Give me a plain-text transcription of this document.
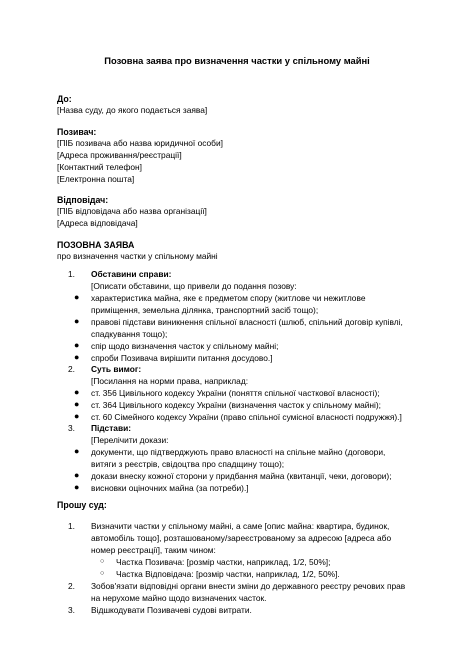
Позовна заява про визначення частки у спільному майні
До:
[Назва суду, до якого подається заява]
Позивач:
[ПІБ позивача або назва юридичної особи]
[Адреса проживання/реєстрації]
[Контактний телефон]
[Електронна пошта]
Відповідач:
[ПІБ відповідача або назва організації]
[Адреса відповідача]
ПОЗОВНА ЗАЯВА
про визначення частки у спільному майні
1. Обставини справи:
[Описати обставини, що привели до подання позову:
● характеристика майна, яке є предметом спору (житлове чи нежитлове
приміщення, земельна ділянка, транспортний засіб тощо);
● правові підстави виникнення спільної власності (шлюб, спільний договір купівлі,
спадкування тощо);
● спір щодо визначення часток у спільному майні;
● спроби Позивача вирішити питання досудово.]
2. Суть вимог:
[Посилання на норми права, наприклад:
● ст. 356 Цивільного кодексу України (поняття спільної часткової власності);
● ст. 364 Цивільного кодексу України (визначення часток у спільному майні);
● ст. 60 Сімейного кодексу України (право спільної сумісної власності подружжя).]
3. Підстави:
[Перелічити докази:
● документи, що підтверджують право власності на спільне майно (договори,
витяги з реєстрів, свідоцтва про спадщину тощо);
● докази внеску кожної сторони у придбання майна (квитанції, чеки, договори);
● висновки оціночних майна (за потреби).]
Прошу суд:
1. Визначити частки у спільному майні, а саме [опис майна: квартира, будинок,
автомобіль тощо], розташованому/зареєстрованому за адресою [адреса або
номер реєстрації], таким чином:
○ Частка Позивача: [розмір частки, наприклад, 1/2, 50%];
○ Частка Відповідача: [розмір частки, наприклад, 1/2, 50%].
2. Зобов'язати відповідні органи внести зміни до державного реєстру речових прав
на нерухоме майно щодо визначених часток.
3. Відшкодувати Позивачеві судові витрати.
